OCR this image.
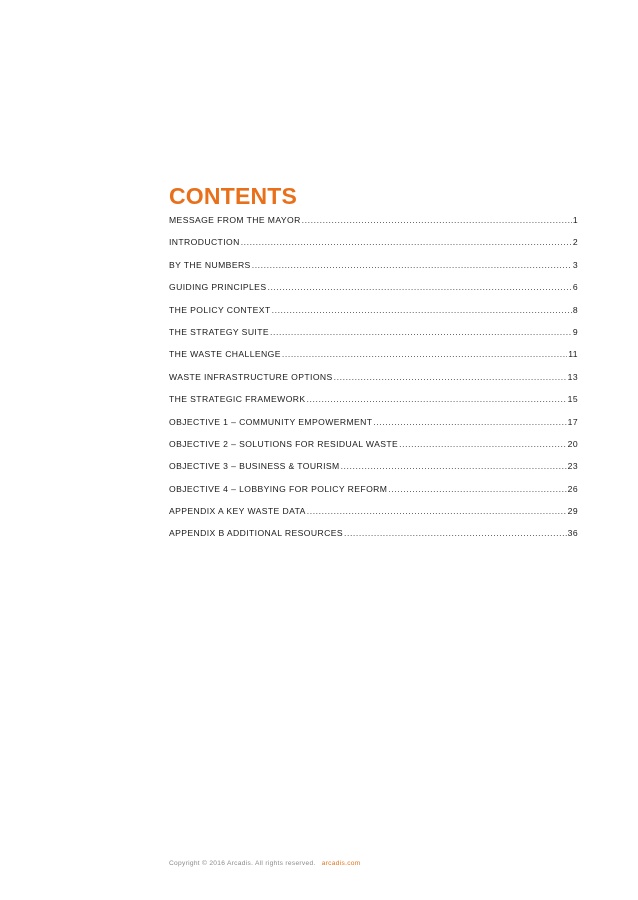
CONTENTS
MESSAGE FROM THE MAYOR .....	1
INTRODUCTION .....	2
BY THE NUMBERS .....	3
GUIDING PRINCIPLES .....	6
THE POLICY CONTEXT .....	8
THE STRATEGY SUITE .....	9
THE WASTE CHALLENGE .....	11
WASTE INFRASTRUCTURE OPTIONS .....	13
THE STRATEGIC FRAMEWORK .....	15
OBJECTIVE 1 – COMMUNITY EMPOWERMENT .....	17
OBJECTIVE 2 – SOLUTIONS FOR RESIDUAL WASTE .....	20
OBJECTIVE 3 – BUSINESS & TOURISM .....	23
OBJECTIVE 4 – LOBBYING FOR POLICY REFORM .....	26
APPENDIX A KEY WASTE DATA .....	29
APPENDIX B ADDITIONAL RESOURCES .....	36
Copyright © 2016 Arcadis. All rights reserved. arcadis.com
